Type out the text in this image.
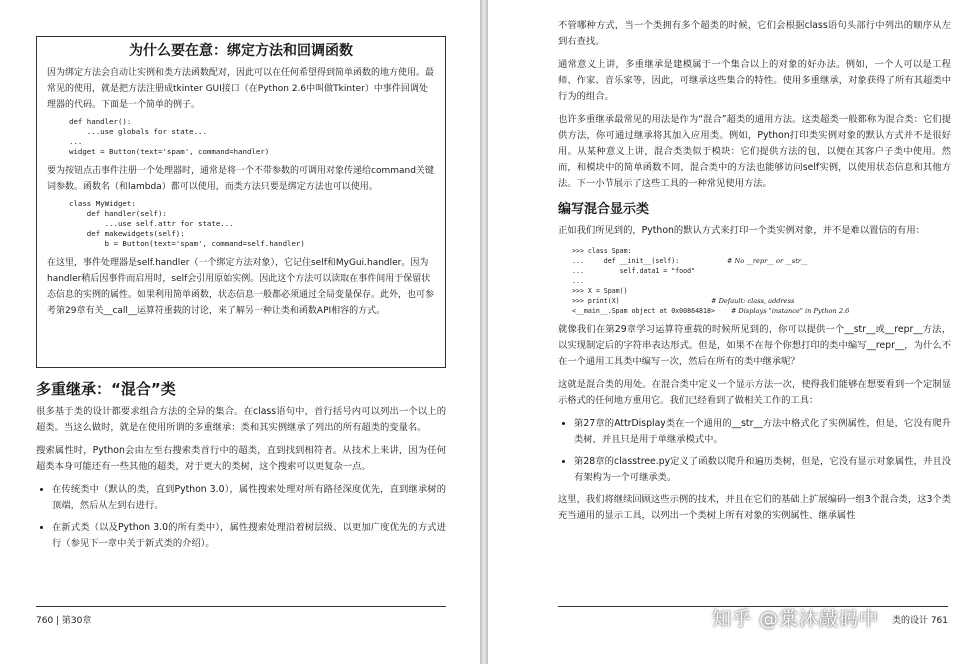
为什么要在意：绑定方法和回调函数

因为绑定方法会自动让实例和类方法函数配对，因此可以在任何希望得到简单函数的地方使用。最常见的使用，就是把方法注册成tkinter GUI接口（在Python 2.6中叫做Tkinter）中事件回调处理器的代码。下面是一个简单的例子。

def handler():
...use globals for state...
...
widget = Button(text='spam', command=handler)

要为按钮点击事件注册一个处理器时，通常是将一个不带参数的可调用对象传递给command关键词参数。函数名（和lambda）都可以使用，而类方法只要是绑定方法也可以使用。

class MyWidget:
def handler(self):
...use self.attr for state...
def makewidgets(self):
b = Button(text='spam', command=self.handler)

在这里，事件处理器是self.handler（一个绑定方法对象），它记住self和MyGui.handler。因为handler稍后因事件而启用时，self会引用原始实例。因此这个方法可以读取在事件间用于保留状态信息的实例的属性。如果利用简单函数，状态信息一般都必须通过全局变量保存。此外，也可参考第29章有关__call__运算符重载的讨论，来了解另一种让类和函数API相容的方式。

多重继承：“混合”类

很多基于类的设计都要求组合方法的全异的集合。在class语句中，首行括号内可以列出一个以上的超类。当这么做时，就是在使用所谓的多重继承：类和其实例继承了列出的所有超类的变量名。

搜索属性时，Python会由左至右搜索类首行中的超类，直到找到相符者。从技术上来讲，因为任何超类本身可能还有一些其他的超类，对于更大的类树，这个搜索可以更复杂一点。

• 在传统类中（默认的类，直到Python 3.0），属性搜索处理对所有路径深度优先，直到继承树的顶端，然后从左到右进行。
• 在新式类（以及Python 3.0的所有类中），属性搜索处理沿着树层级、以更加广度优先的方式进行（参见下一章中关于新式类的介绍）。
760 | 第30章

不管哪种方式，当一个类拥有多个超类的时候，它们会根据class语句头部行中列出的顺序从左到右查找。

通常意义上讲，多重继承是建模属于一个集合以上的对象的好办法。例如，一个人可以是工程师、作家、音乐家等，因此，可继承这些集合的特性。使用多重继承，对象获得了所有其超类中行为的组合。

也许多重继承最常见的用法是作为“混合”超类的通用方法。这类超类一般都称为混合类：它们提供方法，你可通过继承将其加入应用类。例如，Python打印类实例对象的默认方式并不是很好用。从某种意义上讲，混合类类似于模块：它们提供方法的包，以便在其客户子类中使用。然而，和模块中的简单函数不同，混合类中的方法也能够访问self实例，以使用状态信息和其他方法。下一小节展示了这些工具的一种常见使用方法。

编写混合显示类

正如我们所见到的，Python的默认方式来打印一个类实例对象，并不是难以置信的有用：

>>> class Spam:
...     def __init__(self):	# No __repr__ or __str__
...         self.data1 = "food"
...
>>> X = Spam()
>>> print(X)	# Default: class, address
<__main__.Spam object at 0x00864818> # Displays "instance" in Python 2.6

就像我们在第29章学习运算符重载的时候所见到的，你可以提供一个__str__或__repr__方法，以实现制定后的字符串表达形式。但是，如果不在每个你想打印的类中编写__repr__，为什么不在一个通用工具类中编写一次，然后在所有的类中继承呢？

这就是混合类的用处。在混合类中定义一个显示方法一次，使得我们能够在想要看到一个定制显示格式的任何地方重用它。我们已经看到了做相关工作的工具：

• 第27章的AttrDisplay类在一个通用的__str__方法中格式化了实例属性，但是，它没有爬升类树，并且只是用于单继承模式中。
• 第28章的classtree.py定义了函数以爬升和遍历类树，但是，它没有显示对象属性，并且没有架构为一个可继承类。

这里，我们将继续回顾这些示例的技术，并且在它们的基础上扩展编码一组3个混合类，这3个类充当通用的显示工具，以列出一个类树上所有对象的实例属性、继承属性

类的设计 761
知乎 @棠沐敲码中
